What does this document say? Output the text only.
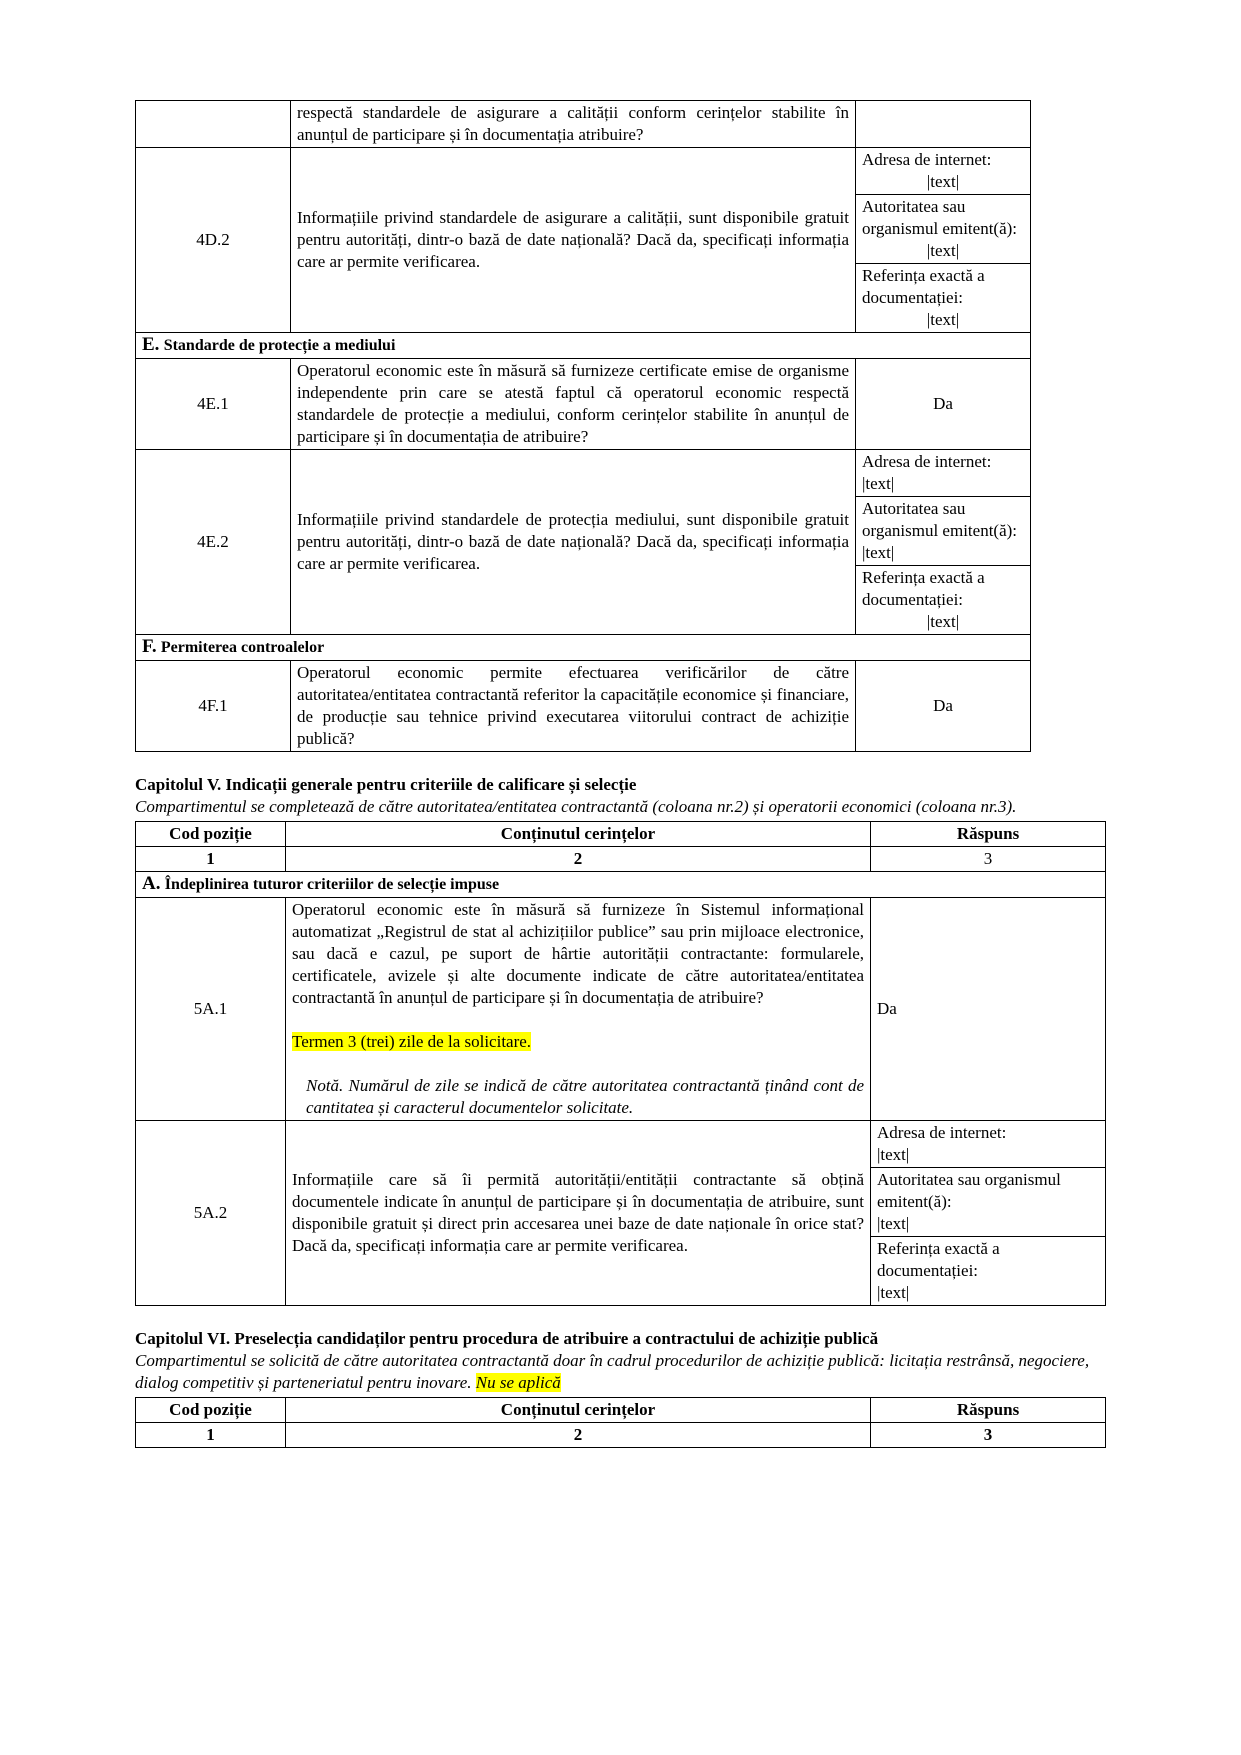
	respectă standardele de asigurare a calității conform cerințelor stabilite în anunțul de participare și în documentația atribuire?	
4D.2	Informațiile privind standardele de asigurare a calității, sunt disponibile gratuit pentru autorități, dintr-o bază de date națională? Dacă da, specificați informația care ar permite verificarea.	Adresa de internet:
|text|

		Autoritatea sau organismul emitent(ă):
|text|

		Referința exactă a documentației:
|text|

E. Standarde de protecție a mediului		
4E.1	Operatorul economic este în măsură să furnizeze certificate emise de organisme independente prin care se atestă faptul că operatorul economic respectă standardele de protecție a mediului, conform cerințelor stabilite în anunțul de participare și în documentația de atribuire?	Da
4E.2	Informațiile privind standardele de protecția mediului, sunt disponibile gratuit pentru autorități, dintr-o bază de date națională? Dacă da, specificați informația care ar permite verificarea.	Adresa de internet:
|text|

		Autoritatea sau organismul emitent(ă):
|text|

		Referința exactă a documentației:
|text|

F. Permiterea controalelor		
4F.1	Operatorul economic permite efectuarea verificărilor de către autoritatea/entitatea contractantă referitor la capacitățile economice și financiare, de producție sau tehnice privind executarea viitorului contract de achiziție publică?	Da
Capitolul V. Indicații generale pentru criteriile de calificare și selecție
Compartimentul se completează de către autoritatea/entitatea contractantă (coloana nr.2) și operatorii economici (coloana nr.3).
Cod poziție	Conținutul cerințelor	Răspuns
1	2	3
A. Îndeplinirea tuturor criteriilor de selecție impuse		
5A.1	Operatorul economic este în măsură să furnizeze în Sistemul informațional automatizat „Registrul de stat al achizițiilor publice” sau prin mijloace electronice, sau dacă e cazul, pe suport de hârtie autorității contractante: formularele, certificatele, avizele și alte documente indicate de către autoritatea/entitatea contractantă în anunțul de participare și în documentația de atribuire?
Termen 3 (trei) zile de la solicitare.
Notă. Numărul de zile se indică de către autoritatea contractantă ținând cont de cantitatea și caracterul documentelor solicitate.	Da
5A.2	Informațiile care să îi permită autorității/entității contractante să obțină documentele indicate în anunțul de participare și în documentația de atribuire, sunt disponibile gratuit și direct prin accesarea unei baze de date naționale în orice stat? Dacă da, specificați informația care ar permite verificarea.	Adresa de internet:
|text|

		Autoritatea sau organismul emitent(ă):
|text|

		Referința exactă a documentației:
|text|
Capitolul VI. Preselecția candidaților pentru procedura de atribuire a contractului de achiziție publică
Compartimentul se solicită de către autoritatea contractantă doar în cadrul procedurilor de achiziție publică: licitația restrânsă, negociere, dialog competitiv și parteneriatul pentru inovare. Nu se aplică
Cod poziție	Conținutul cerințelor	Răspuns
1	2	3
